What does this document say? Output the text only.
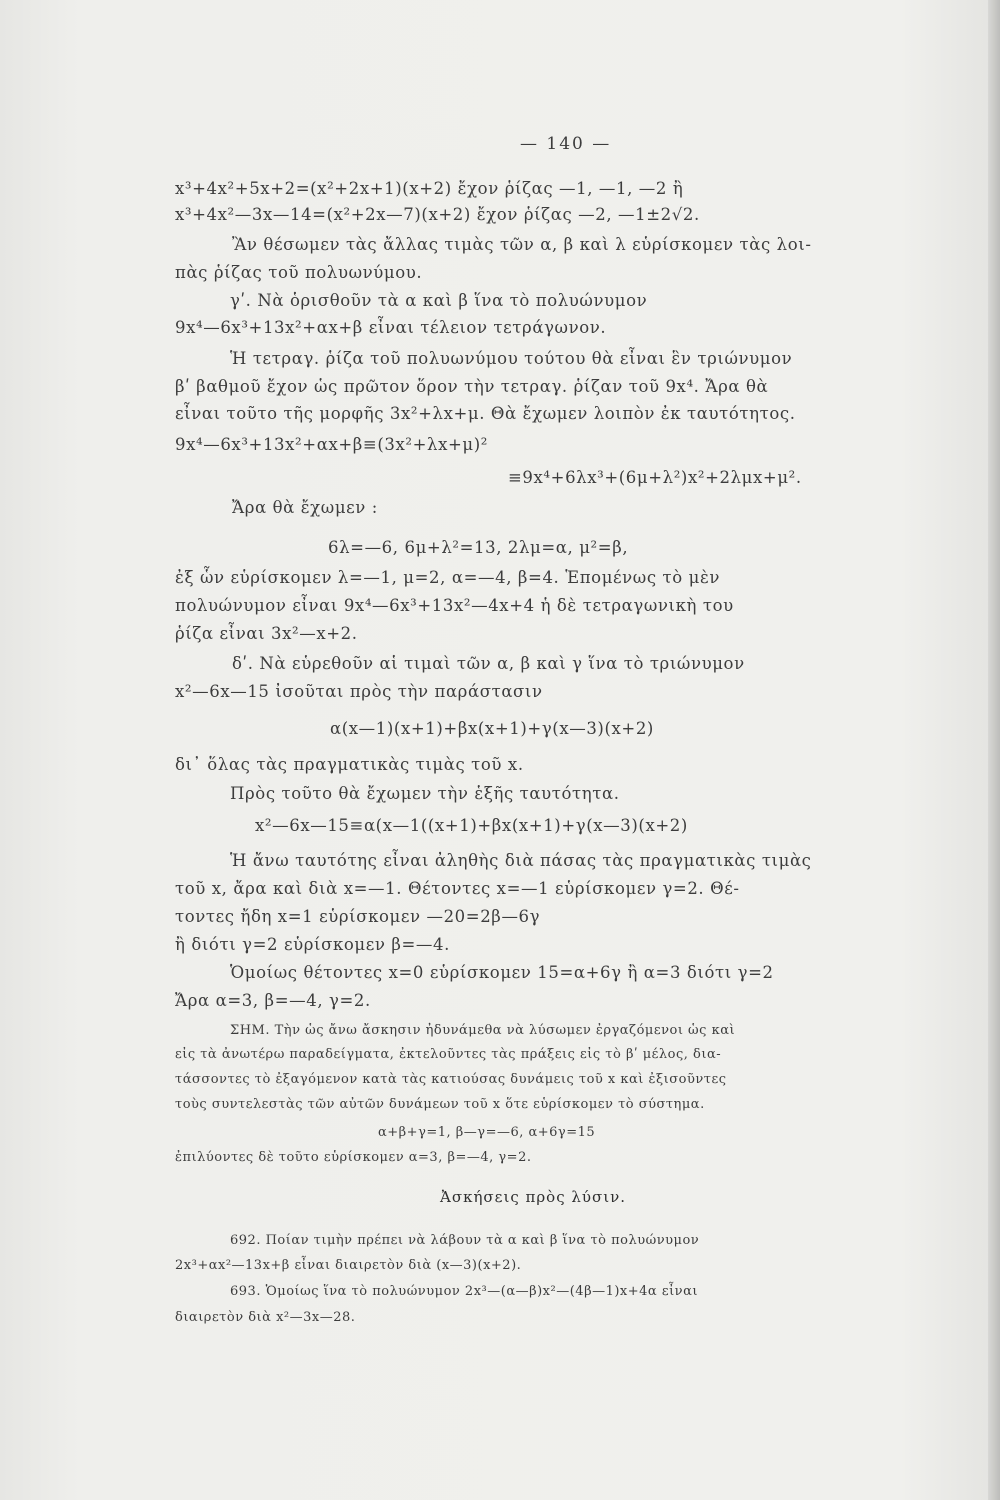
— 140 —
x³+4x²+5x+2=(x²+2x+1)(x+2) ἔχον ῥίζας —1, —1, —2 ἢ
x³+4x²—3x—14=(x²+2x—7)(x+2) ἔχον ῥίζας —2, —1±2√2.
Ἂν θέσωμεν τὰς ἄλλας τιμὰς τῶν α, β καὶ λ εὑρίσκομεν τὰς λοι-
πὰς ῥίζας τοῦ πολυωνύμου.
γʹ. Νὰ ὁρισθοῦν τὰ α καὶ β ἵνα τὸ πολυώνυμον
9x⁴—6x³+13x²+αx+β εἶναι τέλειον τετράγωνον.
Ἡ τετραγ. ῥίζα τοῦ πολυωνύμου τούτου θὰ εἶναι ἓν τριώνυμον
βʹ βαθμοῦ ἔχον ὡς πρῶτον ὅρον τὴν τετραγ. ῥίζαν τοῦ 9x⁴. Ἄρα θὰ
εἶναι τοῦτο τῆς μορφῆς 3x²+λx+μ. Θὰ ἔχωμεν λοιπὸν ἐκ ταυτότητος.
9x⁴—6x³+13x²+αx+β≡(3x²+λx+μ)²
≡9x⁴+6λx³+(6μ+λ²)x²+2λμx+μ².
Ἄρα θὰ ἔχωμεν :
6λ=—6, 6μ+λ²=13, 2λμ=α, μ²=β,
ἐξ ὧν εὑρίσκομεν λ=—1, μ=2, α=—4, β=4. Ἑπομένως τὸ μὲν
πολυώνυμον εἶναι 9x⁴—6x³+13x²—4x+4 ἡ δὲ τετραγωνικὴ του
ῥίζα εἶναι 3x²—x+2.
δʹ. Νὰ εὑρεθοῦν αἱ τιμαὶ τῶν α, β καὶ γ ἵνα τὸ τριώνυμον
x²—6x—15 ἰσοῦται πρὸς τὴν παράστασιν
α(x—1)(x+1)+βx(x+1)+γ(x—3)(x+2)
δι᾽ ὅλας τὰς πραγματικὰς τιμὰς τοῦ x.
Πρὸς τοῦτο θὰ ἔχωμεν τὴν ἑξῆς ταυτότητα.
x²—6x—15≡α(x—1((x+1)+βx(x+1)+γ(x—3)(x+2)
Ἡ ἄνω ταυτότης εἶναι ἀληθὴς διὰ πάσας τὰς πραγματικὰς τιμὰς
τοῦ x, ἄρα καὶ διὰ x=—1. Θέτοντες x=—1 εὑρίσκομεν γ=2. Θέ-
τοντες ἤδη x=1 εὑρίσκομεν —20=2β—6γ
ἢ διότι γ=2 εὑρίσκομεν β=—4.
Ὁμοίως θέτοντες x=0 εὑρίσκομεν 15=α+6γ ἢ α=3 διότι γ=2
Ἄρα α=3, β=—4, γ=2.
ΣΗΜ. Τὴν ὡς ἄνω ἄσκησιν ἠδυνάμεθα νὰ λύσωμεν ἐργαζόμενοι ὡς καὶ
εἰς τὰ ἀνωτέρω παραδείγματα, ἐκτελοῦντες τὰς πράξεις εἰς τὸ βʹ μέλος, δια-
τάσσοντες τὸ ἐξαγόμενον κατὰ τὰς κατιούσας δυνάμεις τοῦ x καὶ ἐξισοῦντες
τοὺς συντελεστὰς τῶν αὐτῶν δυνάμεων τοῦ x ὅτε εὑρίσκομεν τὸ σύστημα.
α+β+γ=1, β—γ=—6, α+6γ=15
ἐπιλύοντες δὲ τοῦτο εὑρίσκομεν α=3, β=—4, γ=2.
Ἀσκήσεις πρὸς λύσιν.
692. Ποίαν τιμὴν πρέπει νὰ λάβουν τὰ α καὶ β ἵνα τὸ πολυώνυμον
2x³+αx²—13x+β εἶναι διαιρετὸν διὰ (x—3)(x+2).
693. Ὁμοίως ἵνα τὸ πολυώνυμον 2x³—(α—β)x²—(4β—1)x+4α εἶναι
διαιρετὸν διὰ x²—3x—28.
